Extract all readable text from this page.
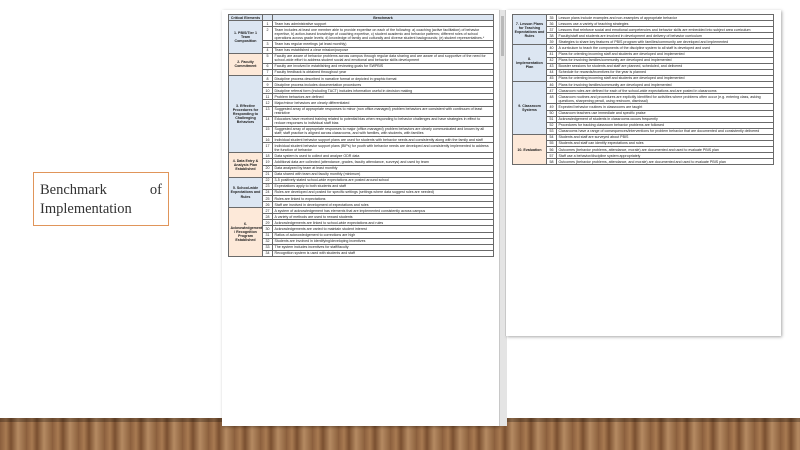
Benchmark	of
Implementation
Critical Elements		Benchmark
1. PBIS/Tier 1 Team Composition	1	Team has administrative support
	2	Team includes at least one member able to provide expertise on each of the following: a) coaching (active facilitation) of behavior expertise, b) action-based knowledge of coaching expertise, c) student academic and behavior patterns; different roles of school operations across grade levels; d) knowledge of family and culturally and diverse student backgrounds; (e) student representatives.*
	3	Team has regular meetings (at least monthly)
	4	Team has established a clear mission/purpose
2. Faculty Commitment	5	Faculty are aware of behavior problems across campus through regular data sharing and are aware of and supportive of the need for school-wide effort to address student social and emotional and behavior skills development
	6	Faculty are involved in establishing and reviewing goals for SWPBIS
	7	Faculty feedback is obtained throughout year
3. Effective Procedures for Responding to Challenging Behaviors	8	Discipline process described in narrative format or depicted in graphic format
	9	Discipline process includes documentation procedures
	10	Discipline referral form (including TACT) includes information useful in decision making
	11	Problem behaviors are defined
	12	Major/minor behaviors are clearly differentiated
	13	Suggested array of appropriate responses to minor (non office-managed) problem behaviors are consistent with continuum of least restrictive
	14	Educators have received training related to potential bias when responding to behavior challenges and have strategies in effect to reduce responses to individual staff bias
	15	Suggested array of appropriate responses to major (office-managed) problem behaviors are clearly communicated and known by all staff; staff practice is aligned across classrooms, and with families, with students, with families
	16	Individual student behavior support plans are used for students with behavior needs and consistently along with the family and staff
	17	Individual student behavior support plans (BIPs) for youth with behavior needs are developed and consistently implemented to address the function of behavior
4. Data Entry & Analysis Plan Established	18	Data system is used to collect and analyze ODR data
	19	Additional data are collected (attendance, grades, faculty attendance, surveys) and used by team
	20	Data analyzed by team at least monthly
	21	Data shared with team and faculty monthly (minimum)
5. School-wide Expectations and Rules	22	3-5 positively stated school-wide expectations are posted around school
	23	Expectations apply to both students and staff
	24	Rules are developed and posted for specific settings (settings where data suggest rules are needed)
	25	Rules are linked to expectations
	26	Staff are involved in development of expectations and rules
6. Acknowledgement / Recognition Program Established	27	A system of acknowledgement has elements that are implemented consistently across campus
	28	A variety of methods are used to reward students
	29	Acknowledgements are linked to school-wide expectations and rules
	30	Acknowledgements are varied to maintain student interest
	31	Ratios of acknowledgement to corrections are high
	32	Students are involved in identifying/developing incentives
	33	The system includes incentives for staff/faculty
	34	Recognition system is used with students and staff
7. Lesson Plans for Teaching Expectations and Rules	35	Lesson plans include examples and non-examples of appropriate behavior
	36	Lessons use a variety of teaching strategies
	37	Lessons that reinforce social and emotional competencies and behavior skills are embedded into subject area curriculum
	38	Faculty/staff and students are involved in development and delivery of behavior curriculum
	39	Strategies to share key features of PBIS program with families/community are developed and implemented
8. Implementation Plan	40	A curriculum to teach the components of the discipline system to all staff is developed and used
	41	Plans for orienting incoming staff and students are developed and implemented
	42	Plans for involving families/community are developed and implemented
	43	Booster sessions for students and staff are planned, scheduled, and delivered
	44	Schedule for rewards/incentives for the year is planned
	45	Plans for orienting incoming staff and students are developed and implemented
9. Classroom Systems	46	Plans for involving families/community are developed and implemented
	47	Classroom rules are defined for each of the school-wide expectations and are posted in classrooms
	48	Classroom routines and procedures are explicitly identified for activities where problems often occur (e.g. entering class, asking questions, sharpening pencil, using restroom, dismissal)
	49	Expected behavior routines in classrooms are taught
	50	Classroom teachers use immediate and specific praise
	51	Acknowledgement of students in classrooms occurs frequently
	52	Procedures for tracking classroom behavior problems are followed
	53	Classrooms have a range of consequences/interventions for problem behavior that are documented and consistently delivered
10. Evaluation	54	Students and staff are surveyed about PBIS
	55	Students and staff can identify expectations and rules
	56	Outcomes (behavior problems, attendance, morale) are documented and used to evaluate PBIS plan
	57	Staff use a behavior/discipline system appropriately
	58	Outcomes (behavior problems, attendance, and morale) are documented and used to evaluate PBIS plan
